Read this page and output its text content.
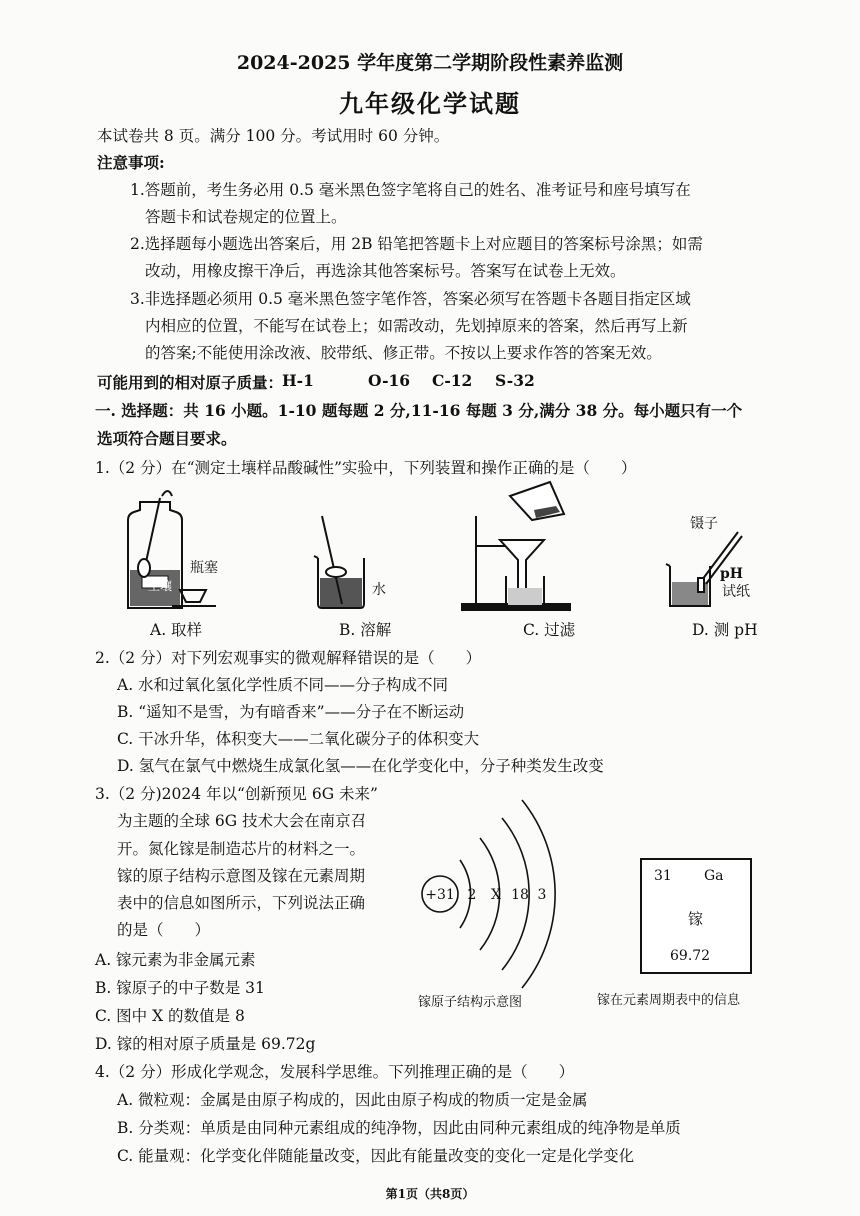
2024-2025 学年度第二学期阶段性素养监测
九年级化学试题
本试卷共 8 页。满分 100 分。考试用时 60 分钟。
注意事项:
1.答题前，考生务必用 0.5 毫米黑色签字笔将自己的姓名、准考证号和座号填写在
答题卡和试卷规定的位置上。
2.选择题每小题选出答案后，用 2B 铅笔把答题卡上对应题目的答案标号涂黑；如需
改动，用橡皮擦干净后，再选涂其他答案标号。答案写在试卷上无效。
3.非选择题必须用 0.5 毫米黑色签字笔作答，答案必须写在答题卡各题目指定区域
内相应的位置，不能写在试卷上；如需改动，先划掉原来的答案，然后再写上新
的答案;不能使用涂改液、胶带纸、修正带。不按以上要求作答的答案无效。
可能用到的相对原子质量：
H-1	O-16 C-12 S-32
一. 选择题：共 16 小题。1-10 题每题 2 分,11-16 每题 3 分,满分 38 分。每小题只有一个
选项符合题目要求。
1.（2 分）在“测定土壤样品酸碱性”实验中，下列装置和操作正确的是（　　）
土壤
瓶塞
水
镊子
pH
试纸
A. 取样	B. 溶解	C. 过滤	D. 测 pH
2.（2 分）对下列宏观事实的微观解释错误的是（　　）
A. 水和过氧化氢化学性质不同——分子构成不同
B. “遥知不是雪，为有暗香来”——分子在不断运动
C. 干冰升华，体积变大——二氧化碳分子的体积变大
D. 氢气在氯气中燃烧生成氯化氢——在化学变化中，分子种类发生改变
3.（2 分)2024 年以“创新预见 6G 未来”
为主题的全球 6G 技术大会在南京召
开。氮化镓是制造芯片的材料之一。
镓的原子结构示意图及镓在元素周期
表中的信息如图所示，下列说法正确
的是（　　）
A. 镓元素为非金属元素
B. 镓原子的中子数是 31
C. 图中 X 的数值是 8
D. 镓的相对原子质量是 69.72g
+31 2 X 18 3
镓原子结构示意图
31 Ga
镓
69.72
镓在元素周期表中的信息
4.（2 分）形成化学观念，发展科学思维。下列推理正确的是（　　）
A. 微粒观：金属是由原子构成的，因此由原子构成的物质一定是金属
B. 分类观：单质是由同种元素组成的纯净物，因此由同种元素组成的纯净物是单质
C. 能量观：化学变化伴随能量改变，因此有能量改变的变化一定是化学变化
第1页（共8页）
